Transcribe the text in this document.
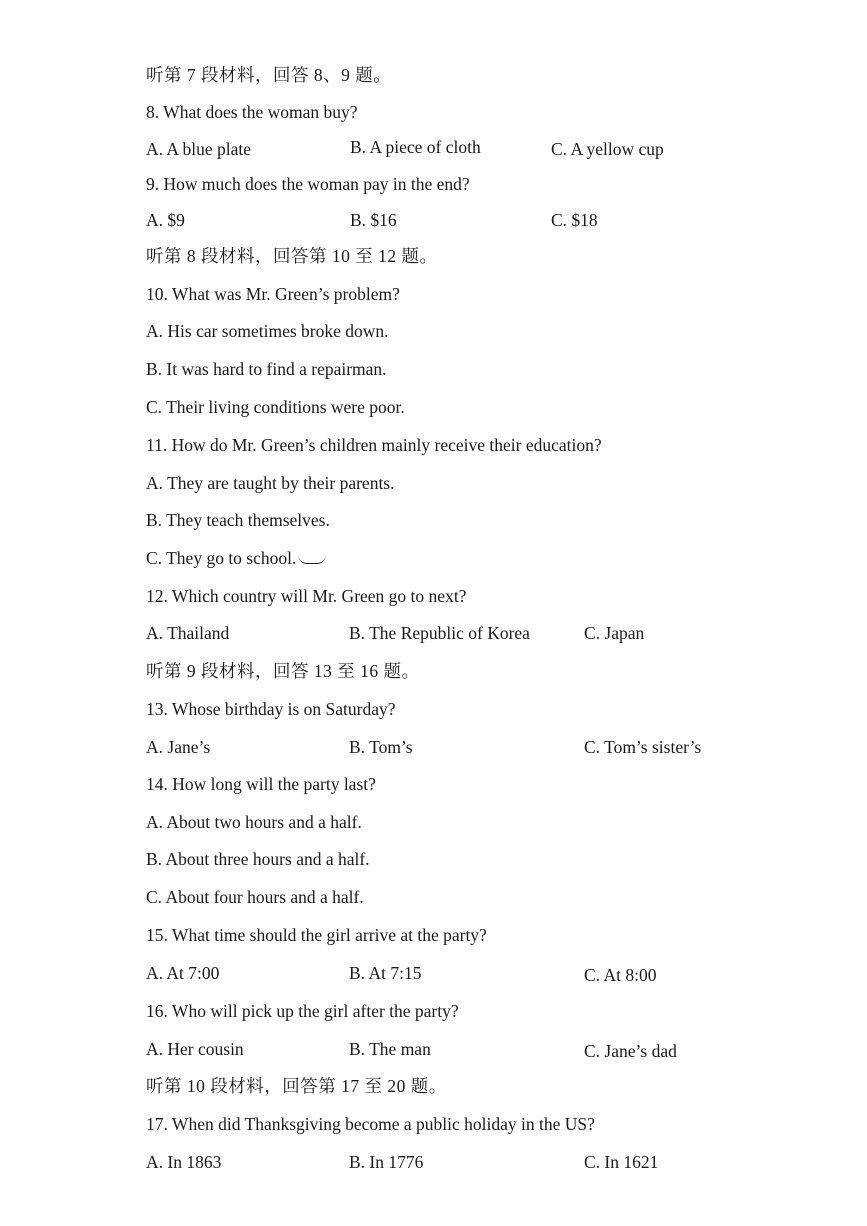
听第 7 段材料，回答 8、9 题。
8. What does the woman buy?
A. A blue plate	B. A piece of cloth	C. A yellow cup
9. How much does the woman pay in the end?
A. $9	B. $16	C. $18
听第 8 段材料，回答第 10 至 12 题。
10. What was Mr. Green’s problem?
A. His car sometimes broke down.
B. It was hard to find a repairman.
C. Their living conditions were poor.
11. How do Mr. Green’s children mainly receive their education?
A. They are taught by their parents.
B. They teach themselves.
C. They go to school.
12. Which country will Mr. Green go to next?
A. Thailand	B. The Republic of Korea	C. Japan
听第 9 段材料，回答 13 至 16 题。
13. Whose birthday is on Saturday?
A. Jane’s	B. Tom’s	C. Tom’s sister’s
14. How long will the party last?
A. About two hours and a half.
B. About three hours and a half.
C. About four hours and a half.
15. What time should the girl arrive at the party?
A. At 7:00	B. At 7:15	C. At 8:00
16. Who will pick up the girl after the party?
A. Her cousin	B. The man	C. Jane’s dad
听第 10 段材料，回答第 17 至 20 题。
17. When did Thanksgiving become a public holiday in the US?
A. In 1863	B. In 1776	C. In 1621
